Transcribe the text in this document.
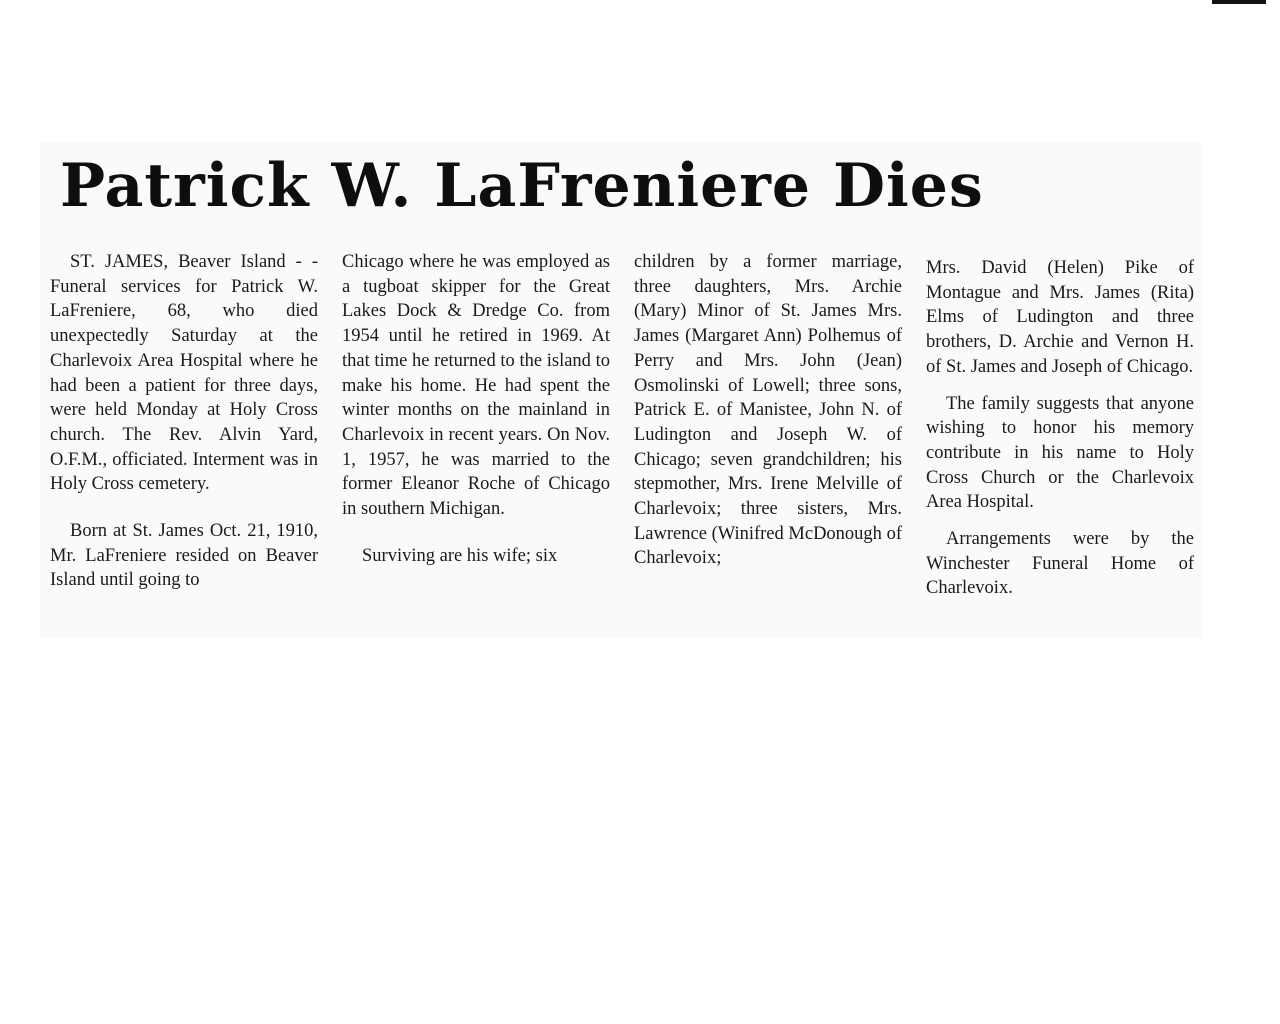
Patrick W. LaFreniere Dies

ST. JAMES, Beaver Island - - Funeral services for Patrick W. LaFreniere, 68, who died unexpectedly Saturday at the Charlevoix Area Hospital where he had been a patient for three days, were held Monday at Holy Cross church. The Rev. Alvin Yard, O.F.M., officiated. Interment was in Holy Cross cemetery.

Born at St. James Oct. 21, 1910, Mr. LaFreniere resided on Beaver Island until going to

Chicago where he was employed as a tugboat skipper for the Great Lakes Dock & Dredge Co. from 1954 until he retired in 1969. At that time he returned to the island to make his home. He had spent the winter months on the mainland in Charlevoix in recent years. On Nov. 1, 1957, he was married to the former Eleanor Roche of Chicago in southern Michigan.

Surviving are his wife; six

children by a former marriage, three daughters, Mrs. Archie (Mary) Minor of St. James Mrs. James (Margaret Ann) Polhemus of Perry and Mrs. John (Jean) Osmolinski of Lowell; three sons, Patrick E. of Manistee, John N. of Ludington and Joseph W. of Chicago; seven grandchildren; his stepmother, Mrs. Irene Melville of Charlevoix; three sisters, Mrs. Lawrence (Winifred McDonough of Charlevoix;

Mrs. David (Helen) Pike of Montague and Mrs. James (Rita) Elms of Ludington and three brothers, D. Archie and Vernon H. of St. James and Joseph of Chicago.

The family suggests that anyone wishing to honor his memory contribute in his name to Holy Cross Church or the Charlevoix Area Hospital.

Arrangements were by the Winchester Funeral Home of Charlevoix.
